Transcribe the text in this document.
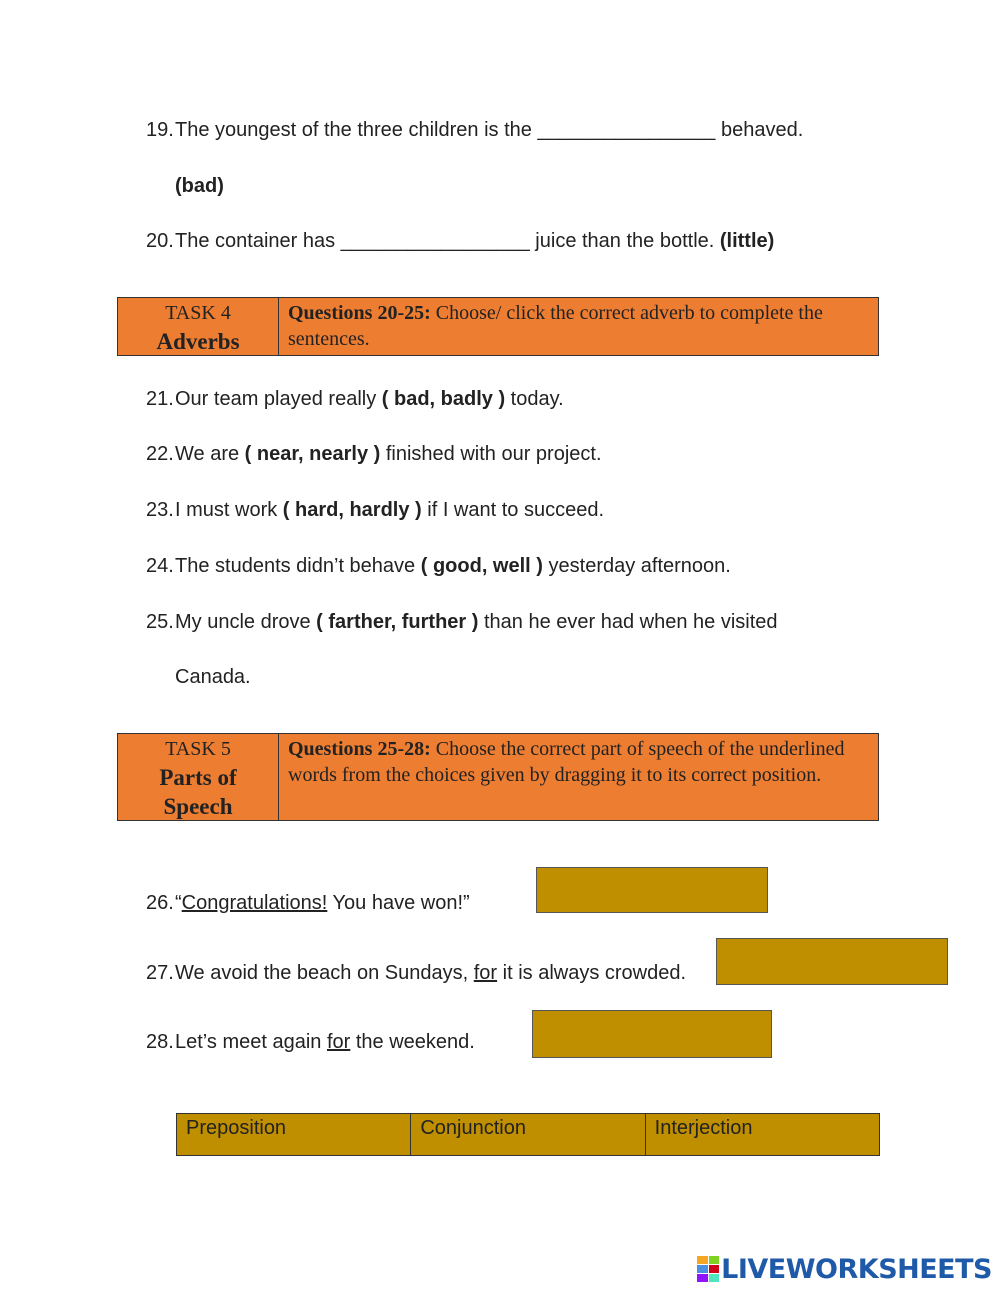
19.The youngest of the three children is the ________________ behaved.
(bad)
20.The container has _________________ juice than the bottle. (little)
TASK 4
Adverbs
Questions 20-25: Choose/ click the correct adverb to complete the sentences.
21.Our team played really ( bad, badly ) today.
22.We are ( near, nearly ) finished with our project.
23.I must work ( hard, hardly ) if I want to succeed.
24.The students didn’t behave ( good, well ) yesterday afternoon.
25.My uncle drove ( farther, further ) than he ever had when he visited
Canada.
TASK 5
Parts of
Speech
Questions 25-28: Choose the correct part of speech of the underlined words from the choices given by dragging it to its correct position.
26.“Congratulations! You have won!”
27.We avoid the beach on Sundays, for it is always crowded.
28.Let’s meet again for the weekend.
Preposition	Conjunction	Interjection
LIVEWORKSHEETS
